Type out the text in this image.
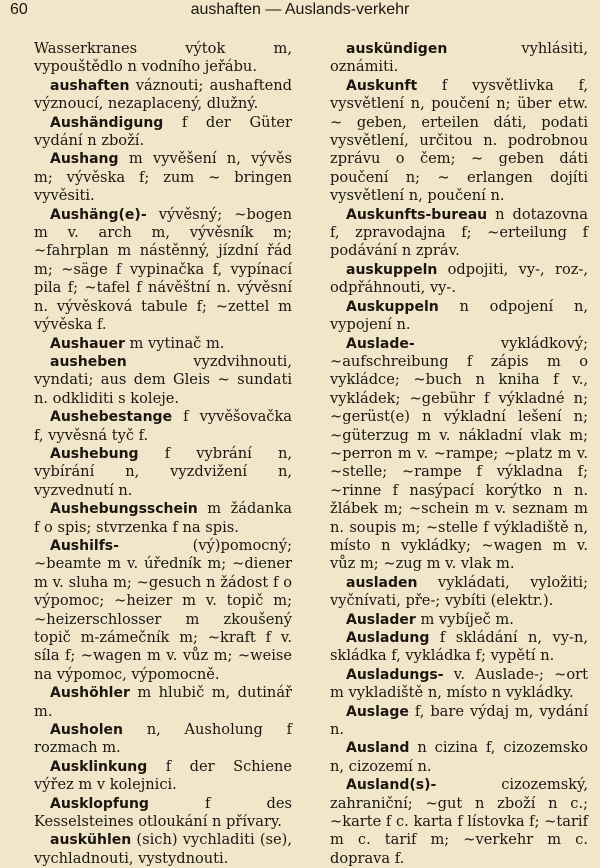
60	aushaften — Auslands-verkehr

Wasserkranes výtok m, vypouštědlo n vodního jeřábu.

aushaften váznouti; aushaftend význoucí, nezaplacený, dlužný.

Aushändigung f der Güter vydání n zboží.

Aushang m vyvěšení n, vývěs m; vývěska f; zum ~ bringen vyvěsiti.

Aushäng(e)- vývěsný; ~bogen m v. arch m, vývěsník m; ~fahrplan m nástěnný, jízdní řád m; ~säge f vypinačka f, vypínací pila f; ~tafel f návěštní n. vývěsní n. vývěsková tabule f; ~zettel m vývěska f.

Aushauer m vytinač m.

ausheben vyzdvihnouti, vyndati; aus dem Gleis ~ sundati n. odkliditi s koleje.

Aushebestange f vyvěšovačka f, vyvěsná tyč f.

Aushebung f vybrání n, vybírání n, vyzdvižení n, vyzvednutí n.

Aushebungsschein m žádanka f o spis; stvrzenka f na spis.

Aushilfs- (vý)pomocný; ~beamte m v. úředník m; ~diener m v. sluha m; ~gesuch n žádost f o výpomoc; ~heizer m v. topič m; ~heizerschlosser m zkoušený topič m-zámečník m; ~kraft f v. síla f; ~wagen m v. vůz m; ~weise na výpomoc, výpomocně.

Aushöhler m hlubič m, dutinář m.

Ausholen n, Ausholung f rozmach m.

Ausklinkung f der Schiene výřez m v kolejnici.

Ausklopfung f des Kesselsteines otloukání n přívary.

auskühlen (sich) vychladiti (se), vychladnouti, vystydnouti.

auskündigen vyhlásiti, oznámiti.

Auskunft f vysvětlivka f, vysvětlení n, poučení n; über etw. ~ geben, erteilen dáti, podati vysvětlení, určitou n. podrobnou zprávu o čem; ~ geben dáti poučení n; ~ erlangen dojíti vysvětlení n, poučení n.

Auskunfts-bureau n dotazovna f, zpravodajna f; ~erteilung f podávání n zpráv.

auskuppeln odpojiti, vy-, roz-, odpřáhnouti, vy-.

Auskuppeln n odpojení n, vypojení n.

Auslade- vykládkový; ~aufschreibung f zápis m o vykládce; ~buch n kniha f v., vykládek; ~gebühr f výkladné n; ~gerüst(e) n výkladní lešení n; ~güterzug m v. nákladní vlak m; ~perron m v. ~rampe; ~platz m v. ~stelle; ~rampe f výkladna f; ~rinne f nasýpací korýtko n n. žlábek m; ~schein m v. seznam m n. soupis m; ~stelle f výkladiště n, místo n vykládky; ~wagen m v. vůz m; ~zug m v. vlak m.

ausladen vykládati, vyložiti; vyčnívati, pře-; vybíti (elektr.).

Auslader m vybíječ m.

Ausladung f skládání n, vy-n, skládka f, vykládka f; vypětí n.

Ausladungs- v. Auslade-; ~ort m vykladiště n, místo n vykládky.

Auslage f, bare výdaj m, vydání n.

Ausland n cizina f, cizozemsko n, cizozemí n.

Ausland(s)- cizozemský, zahraniční; ~gut n zboží n c.; ~karte f c. karta f lístovka f; ~tarif m c. tarif m; ~verkehr m c. doprava f.
